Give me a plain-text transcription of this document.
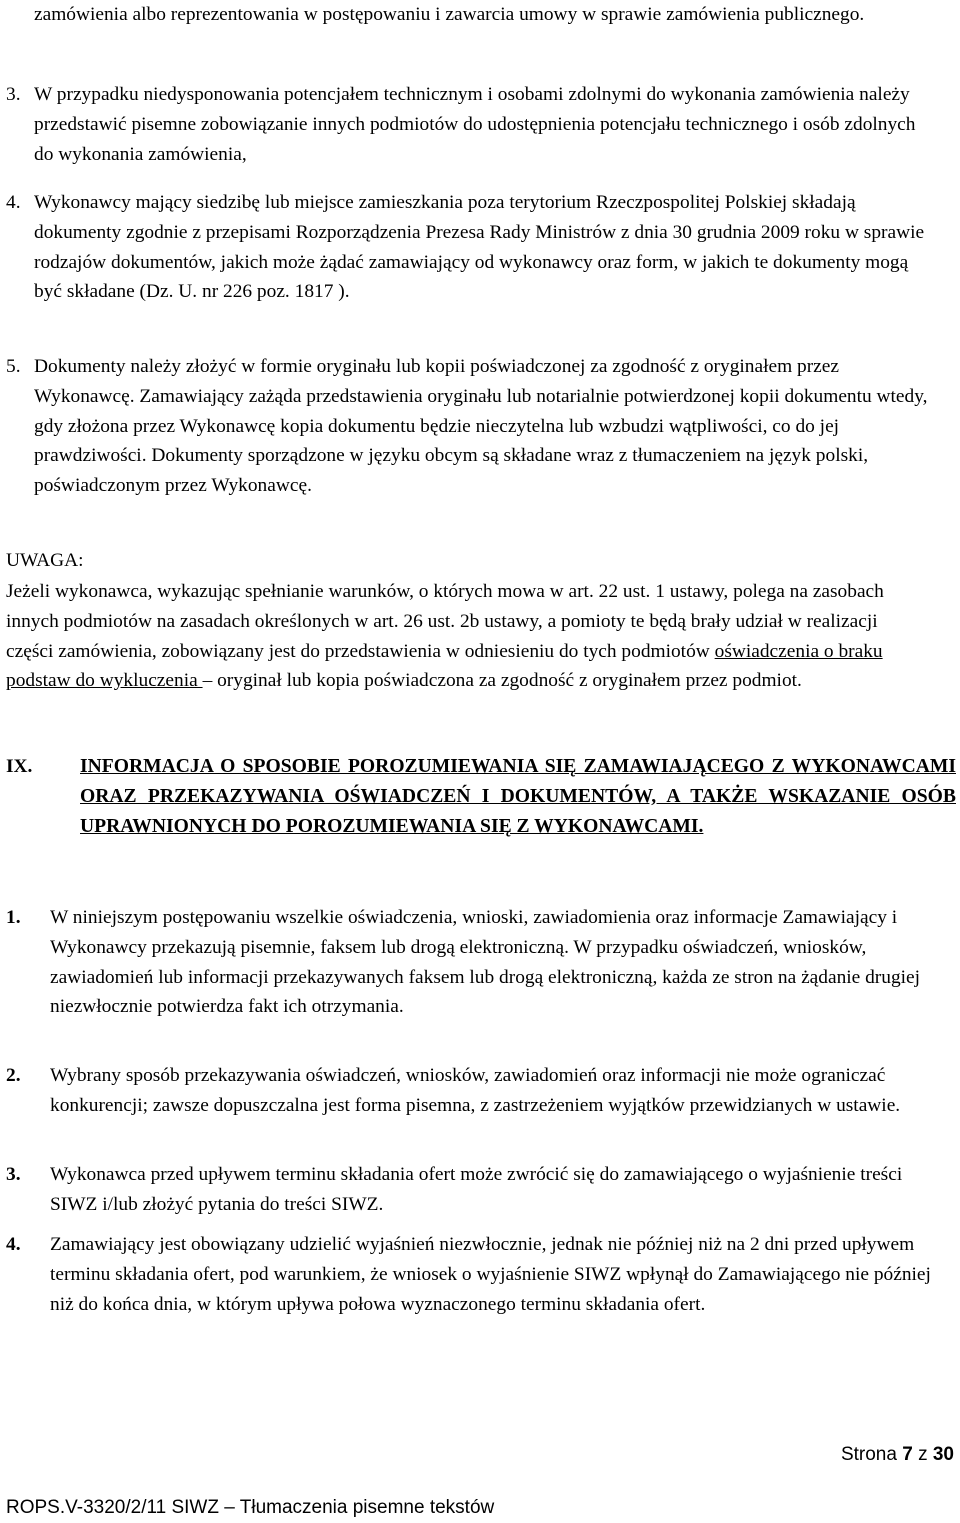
zamówienia albo reprezentowania w postępowaniu i zawarcia umowy w sprawie zamówienia publicznego.

3. W przypadku niedysponowania potencjałem technicznym i osobami zdolnymi do wykonania zamówienia należy przedstawić pisemne zobowiązanie innych podmiotów do udostępnienia potencjału technicznego i osób zdolnych do wykonania zamówienia,

4. Wykonawcy mający siedzibę lub miejsce zamieszkania poza terytorium Rzeczpospolitej Polskiej składają dokumenty zgodnie z przepisami Rozporządzenia Prezesa Rady Ministrów z dnia 30 grudnia 2009 roku w sprawie rodzajów dokumentów, jakich może żądać zamawiający od wykonawcy oraz form, w jakich te dokumenty mogą być składane (Dz. U. nr 226 poz. 1817 ).

5. Dokumenty należy złożyć w formie oryginału lub kopii poświadczonej za zgodność z oryginałem przez Wykonawcę. Zamawiający zażąda przedstawienia oryginału lub notarialnie potwierdzonej kopii dokumentu wtedy, gdy złożona przez Wykonawcę kopia dokumentu będzie nieczytelna lub wzbudzi wątpliwości, co do jej prawdziwości. Dokumenty sporządzone w języku obcym są składane wraz z tłumaczeniem na język polski, poświadczonym przez Wykonawcę.

UWAGA:

Jeżeli wykonawca, wykazując spełnianie warunków, o których mowa w art. 22 ust. 1 ustawy, polega na zasobach innych podmiotów na zasadach określonych w art. 26 ust. 2b ustawy, a pomioty te będą brały udział w realizacji części zamówienia, zobowiązany jest do przedstawienia w odniesieniu do tych podmiotów oświadczenia o braku podstaw do wykluczenia – oryginał lub kopia poświadczona za zgodność z oryginałem przez podmiot.

IX. INFORMACJA O SPOSOBIE POROZUMIEWANIA SIĘ ZAMAWIAJĄCEGO Z WYKONAWCAMI ORAZ PRZEKAZYWANIA OŚWIADCZEŃ I DOKUMENTÓW, A TAKŻE WSKAZANIE OSÓB UPRAWNIONYCH DO POROZUMIEWANIA SIĘ Z WYKONAWCAMI.

1. W niniejszym postępowaniu wszelkie oświadczenia, wnioski, zawiadomienia oraz informacje Zamawiający i Wykonawcy przekazują pisemnie, faksem lub drogą elektroniczną. W przypadku oświadczeń, wniosków, zawiadomień lub informacji przekazywanych faksem lub drogą elektroniczną, każda ze stron na żądanie drugiej niezwłocznie potwierdza fakt ich otrzymania.

2. Wybrany sposób przekazywania oświadczeń, wniosków, zawiadomień oraz informacji nie może ograniczać konkurencji; zawsze dopuszczalna jest forma pisemna, z zastrzeżeniem wyjątków przewidzianych w ustawie.

3. Wykonawca przed upływem terminu składania ofert może zwrócić się do zamawiającego o wyjaśnienie treści SIWZ i/lub złożyć pytania do treści SIWZ.

4. Zamawiający jest obowiązany udzielić wyjaśnień niezwłocznie, jednak nie później niż na 2 dni przed upływem terminu składania ofert, pod warunkiem, że wniosek o wyjaśnienie SIWZ wpłynął do Zamawiającego nie później niż do końca dnia, w którym upływa połowa wyznaczonego terminu składania ofert.

Strona 7 z 30
ROPS.V-3320/2/11 SIWZ – Tłumaczenia pisemne tekstów
